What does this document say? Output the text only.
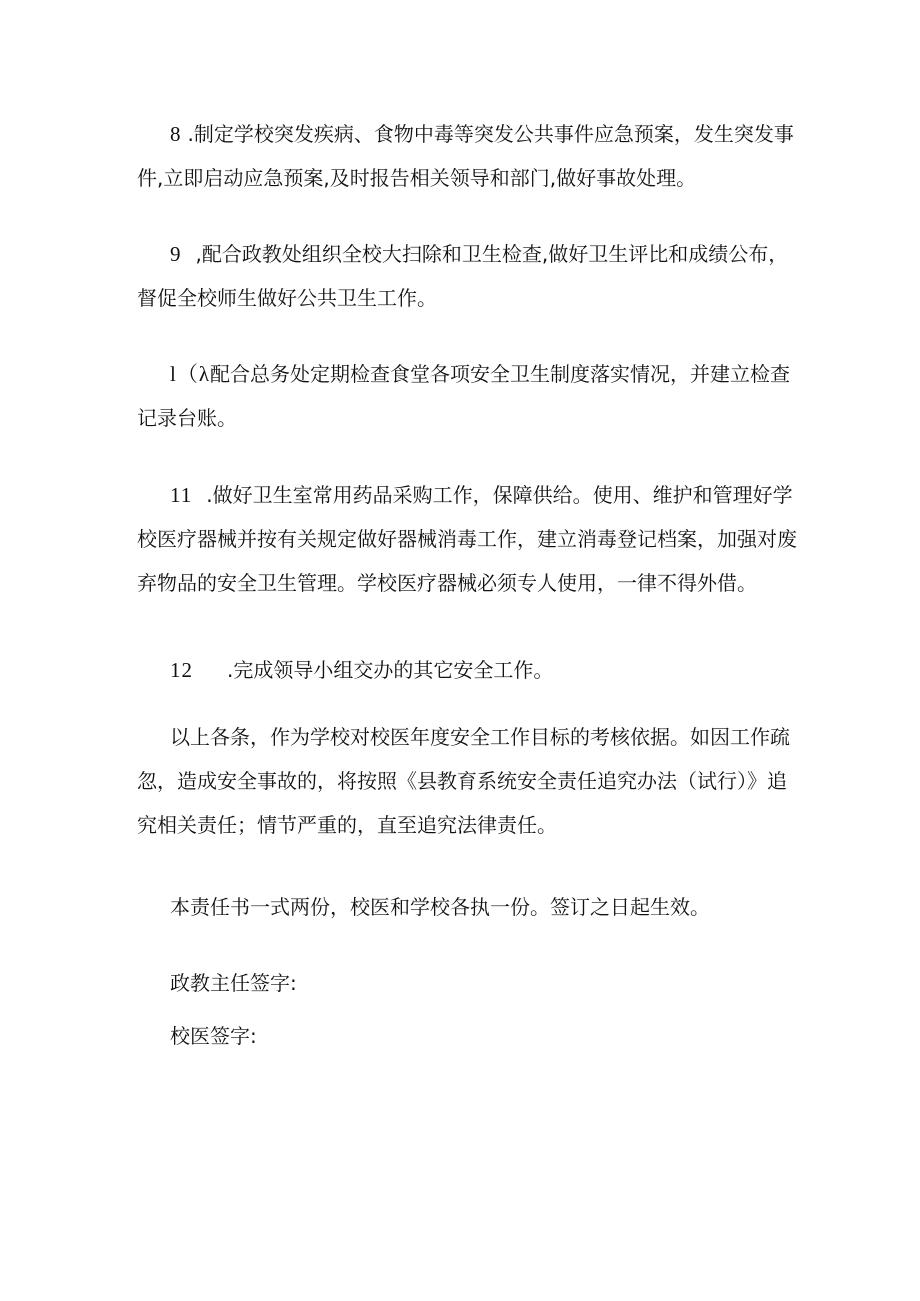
8 .制定学校突发疾病、食物中毒等突发公共事件应急预案，发生突发事件,立即启动应急预案,及时报告相关领导和部门,做好事故处理。

9 ,配合政教处组织全校大扫除和卫生检查,做好卫生评比和成绩公布，督促全校师生做好公共卫生工作。

l（λ配合总务处定期检查食堂各项安全卫生制度落实情况，并建立检查记录台账。

11 .做好卫生室常用药品采购工作，保障供给。使用、维护和管理好学校医疗器械并按有关规定做好器械消毒工作，建立消毒登记档案，加强对废弃物品的安全卫生管理。学校医疗器械必须专人使用，一律不得外借。

12 .完成领导小组交办的其它安全工作。

以上各条，作为学校对校医年度安全工作目标的考核依据。如因工作疏忽，造成安全事故的，将按照《县教育系统安全责任追究办法（试行）》追究相关责任；情节严重的，直至追究法律责任。

本责任书一式两份，校医和学校各执一份。签订之日起生效。

政教主任签字:

校医签字:
